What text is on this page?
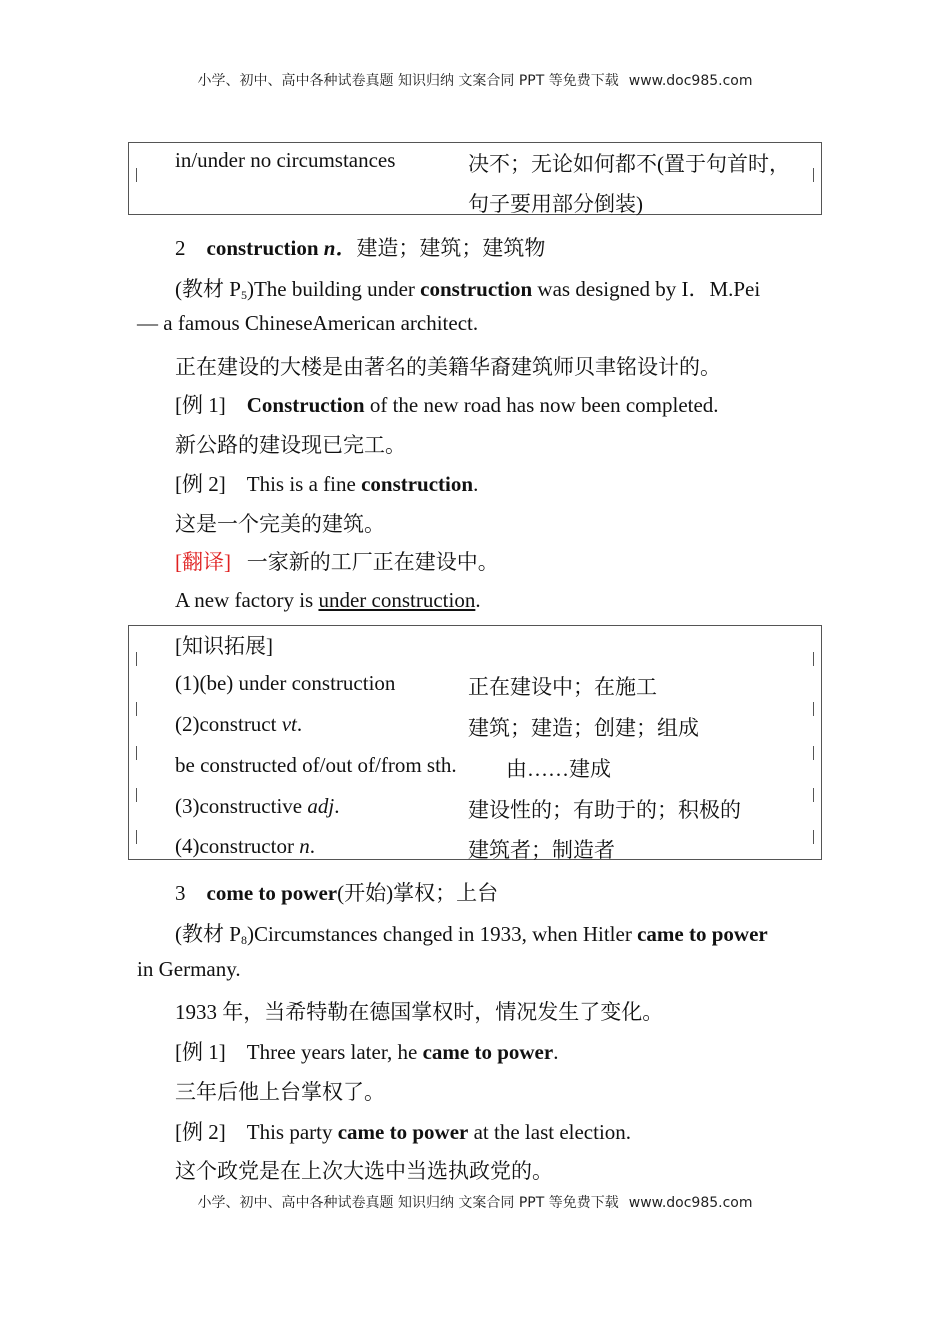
小学、初中、高中各种试卷真题 知识归纳 文案合同 PPT 等免费下载 www.doc985.com
in/under no circumstances	决不；无论如何都不(置于句首时，
句子要用部分倒装)
2 construction n．建造；建筑；建筑物
(教材 $P_5)The$ building under construction was designed by I．M.Pei
— a famous ChineseAmerican architect.
正在建设的大楼是由著名的美籍华裔建筑师贝聿铭设计的。
[例 1] Construction of the new road has now been completed.
新公路的建设现已完工。
[例 2] This is a fine construction.
这是一个完美的建筑。
[翻译] 一家新的工厂正在建设中。
A new factory is under construction.
[知识拓展]
(1)(be) under construction	正在建设中；在施工
(2)construct vt.	建筑；建造；创建；组成
be constructed of/out of/from sth. 由……建成
(3)constructive adj.	建设性的；有助于的；积极的
(4)constructor n.	建筑者；制造者
3 come to power(开始)掌权；上台
(教材 $P_8)Circumstances$ changed in 1933, when Hitler came to power
in Germany.
1933 年，当希特勒在德国掌权时，情况发生了变化。
[例 1] Three years later, he came to power.
三年后他上台掌权了。
[例 2] This party came to power at the last election.
这个政党是在上次大选中当选执政党的。
小学、初中、高中各种试卷真题 知识归纳 文案合同 PPT 等免费下载 www.doc985.com
